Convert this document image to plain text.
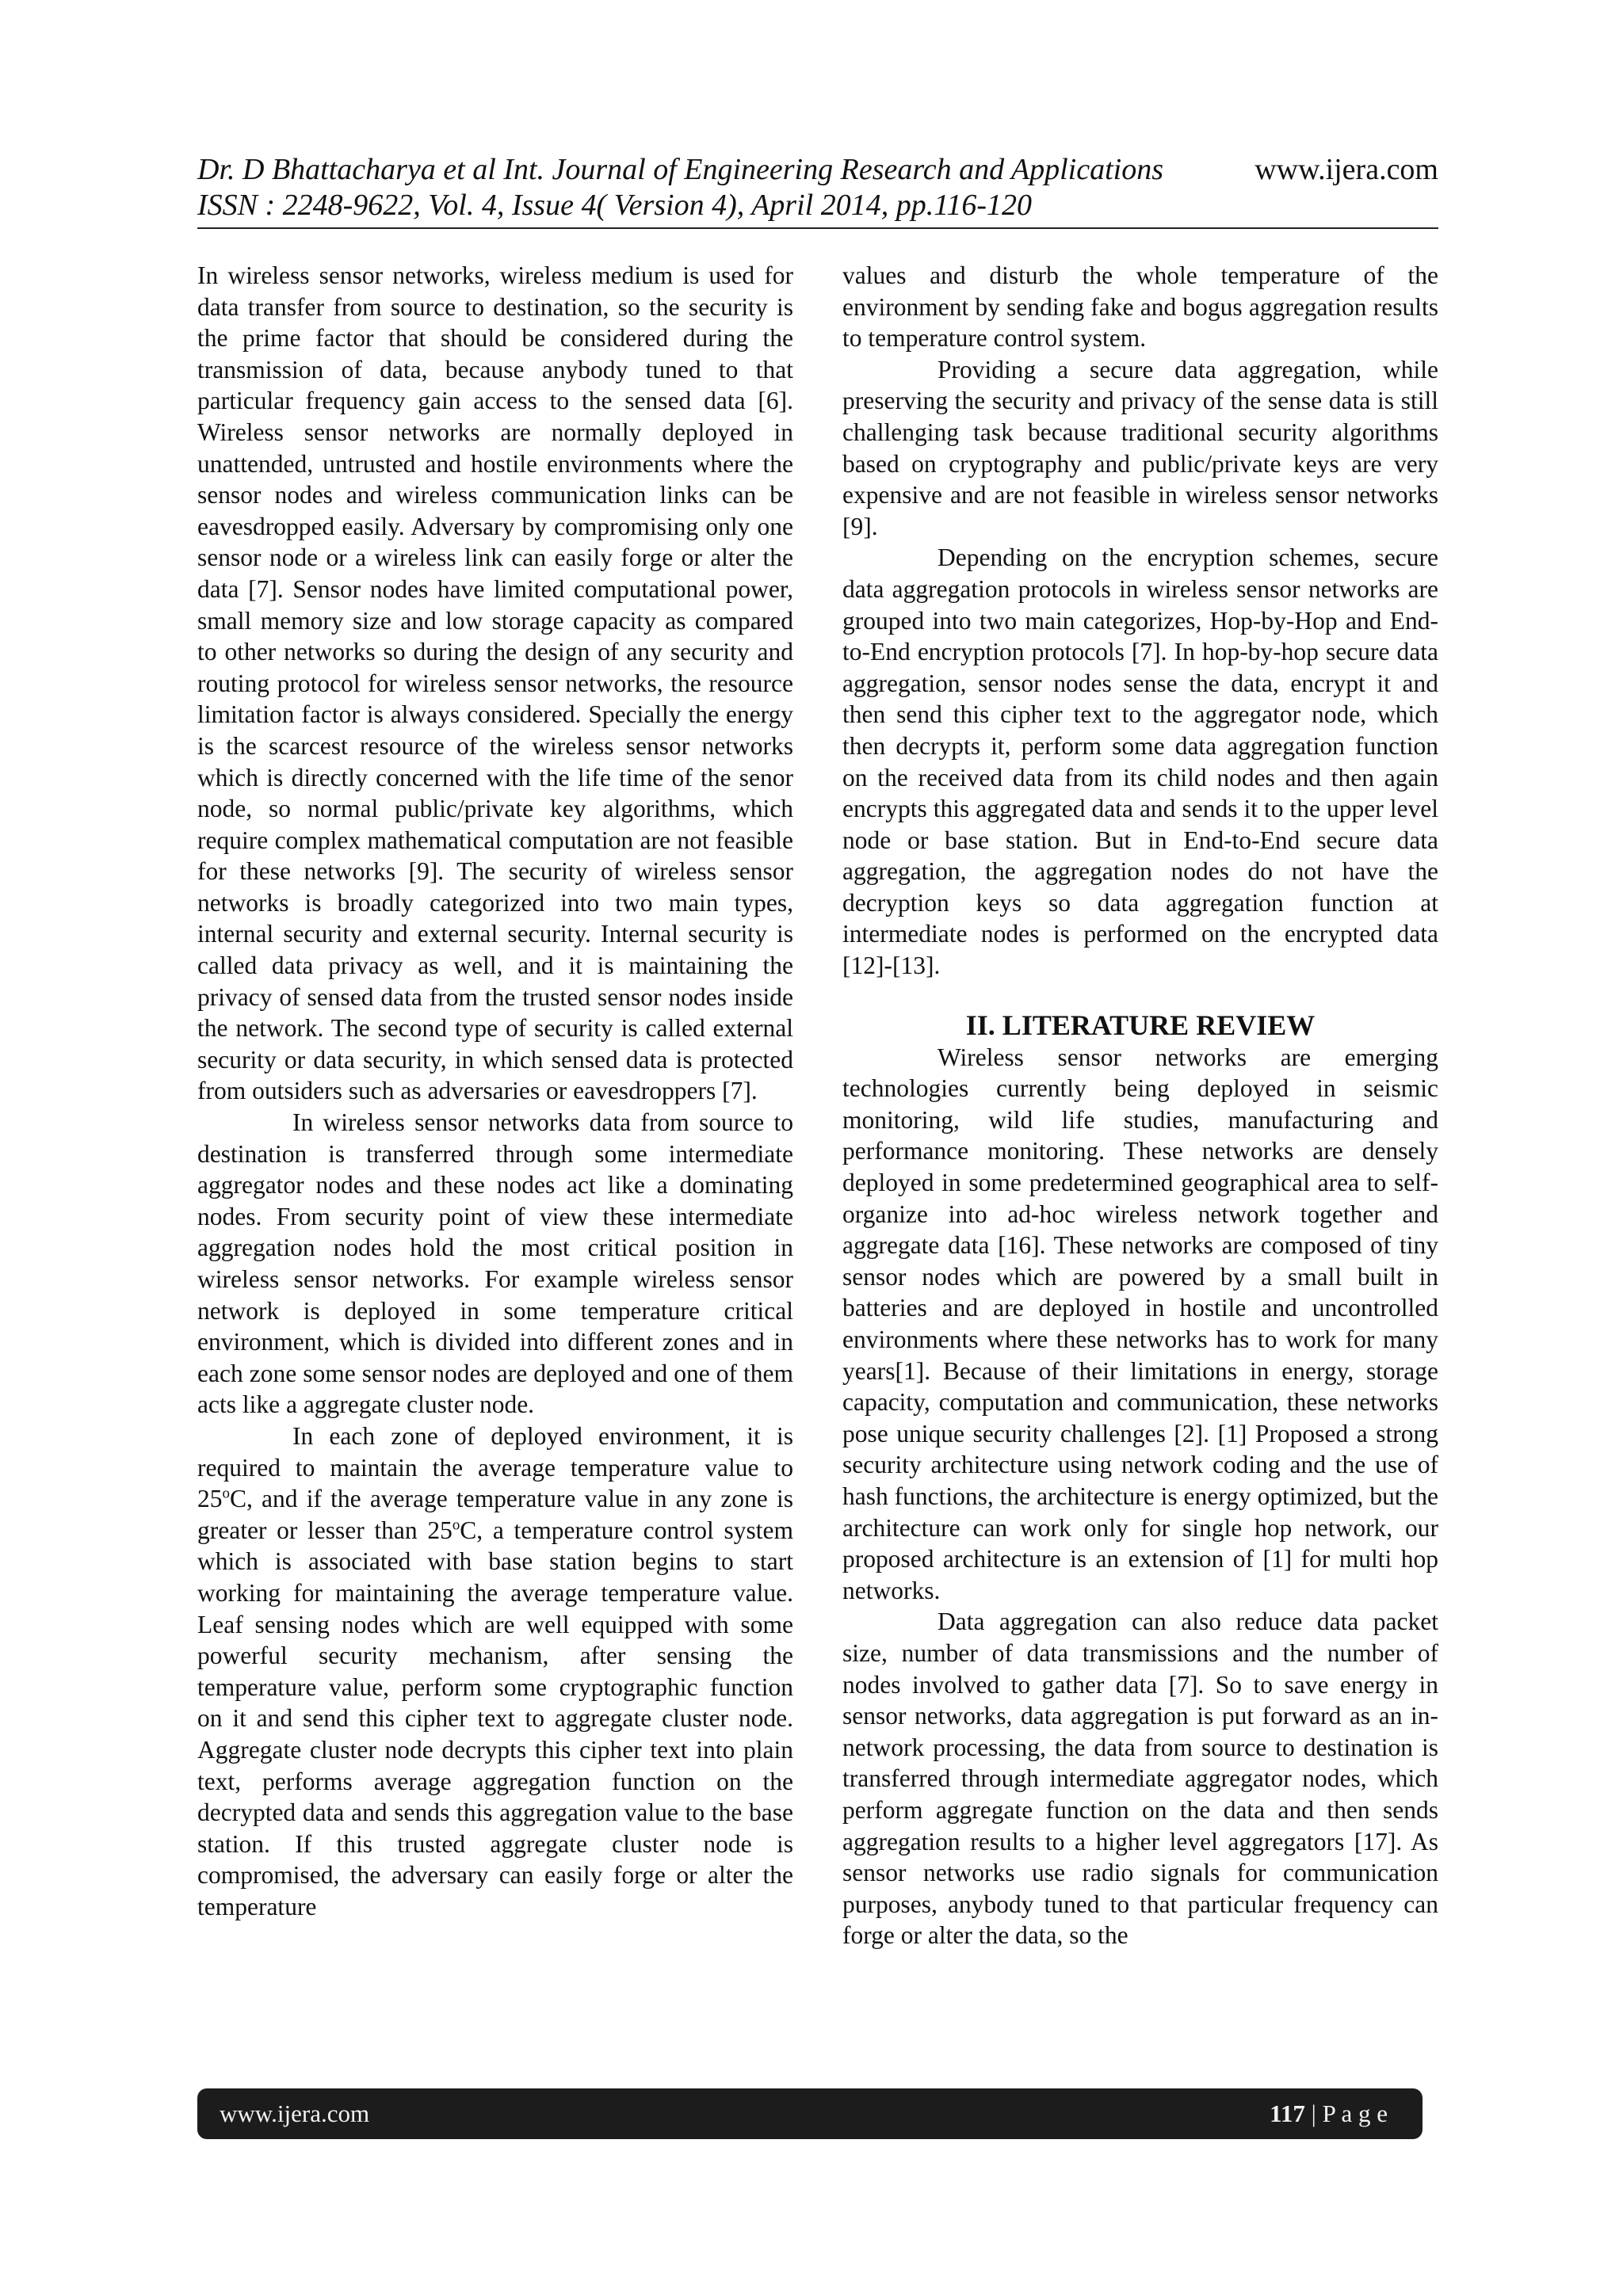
Dr. D Bhattacharya et al Int. Journal of Engineering Research and Applications	www.ijera.com
ISSN : 2248-9622, Vol. 4, Issue 4( Version 4), April 2014, pp.116-120

In wireless sensor networks, wireless medium is used for data transfer from source to destination, so the security is the prime factor that should be considered during the transmission of data, because anybody tuned to that particular frequency gain access to the sensed data [6]. Wireless sensor networks are normally deployed in unattended, untrusted and hostile environments where the sensor nodes and wireless communication links can be eavesdropped easily. Adversary by compromising only one sensor node or a wireless link can easily forge or alter the data [7]. Sensor nodes have limited computational power, small memory size and low storage capacity as compared to other networks so during the design of any security and routing protocol for wireless sensor networks, the resource limitation factor is always considered. Specially the energy is the scarcest resource of the wireless sensor networks which is directly concerned with the life time of the senor node, so normal public/private key algorithms, which require complex mathematical computation are not feasible for these networks [9]. The security of wireless sensor networks is broadly categorized into two main types, internal security and external security. Internal security is called data privacy as well, and it is maintaining the privacy of sensed data from the trusted sensor nodes inside the network. The second type of security is called external security or data security, in which sensed data is protected from outsiders such as adversaries or eavesdroppers [7].

In wireless sensor networks data from source to destination is transferred through some intermediate aggregator nodes and these nodes act like a dominating nodes. From security point of view these intermediate aggregation nodes hold the most critical position in wireless sensor networks. For example wireless sensor network is deployed in some temperature critical environment, which is divided into different zones and in each zone some sensor nodes are deployed and one of them acts like a aggregate cluster node.

In each zone of deployed environment, it is required to maintain the average temperature value to 25$^o$C, and if the average temperature value in any zone is greater or lesser than 25$^o$C, a temperature control system which is associated with base station begins to start working for maintaining the average temperature value. Leaf sensing nodes which are well equipped with some powerful security mechanism, after sensing the temperature value, perform some cryptographic function on it and send this cipher text to aggregate cluster node. Aggregate cluster node decrypts this cipher text into plain text, performs average aggregation function on the decrypted data and sends this aggregation value to the base station. If this trusted aggregate cluster node is compromised, the adversary can easily forge or alter the temperature

values and disturb the whole temperature of the environment by sending fake and bogus aggregation results to temperature control system.

Providing a secure data aggregation, while preserving the security and privacy of the sense data is still challenging task because traditional security algorithms based on cryptography and public/private keys are very expensive and are not feasible in wireless sensor networks [9].

Depending on the encryption schemes, secure data aggregation protocols in wireless sensor networks are grouped into two main categorizes, Hop-by-Hop and End-to-End encryption protocols [7]. In hop-by-hop secure data aggregation, sensor nodes sense the data, encrypt it and then send this cipher text to the aggregator node, which then decrypts it, perform some data aggregation function on the received data from its child nodes and then again encrypts this aggregated data and sends it to the upper level node or base station. But in End-to-End secure data aggregation, the aggregation nodes do not have the decryption keys so data aggregation function at intermediate nodes is performed on the encrypted data [12]-[13].

II. LITERATURE REVIEW

Wireless sensor networks are emerging technologies currently being deployed in seismic monitoring, wild life studies, manufacturing and performance monitoring. These networks are densely deployed in some predetermined geographical area to self-organize into ad-hoc wireless network together and aggregate data [16]. These networks are composed of tiny sensor nodes which are powered by a small built in batteries and are deployed in hostile and uncontrolled environments where these networks has to work for many years[1]. Because of their limitations in energy, storage capacity, computation and communication, these networks pose unique security challenges [2]. [1] Proposed a strong security architecture using network coding and the use of hash functions, the architecture is energy optimized, but the architecture can work only for single hop network, our proposed architecture is an extension of [1] for multi hop networks.

Data aggregation can also reduce data packet size, number of data transmissions and the number of nodes involved to gather data [7]. So to save energy in sensor networks, data aggregation is put forward as an in-network processing, the data from source to destination is transferred through intermediate aggregator nodes, which perform aggregate function on the data and then sends aggregation results to a higher level aggregators [17]. As sensor networks use radio signals for communication purposes, anybody tuned to that particular frequency can forge or alter the data, so the

www.ijera.com	117 | P a g e
